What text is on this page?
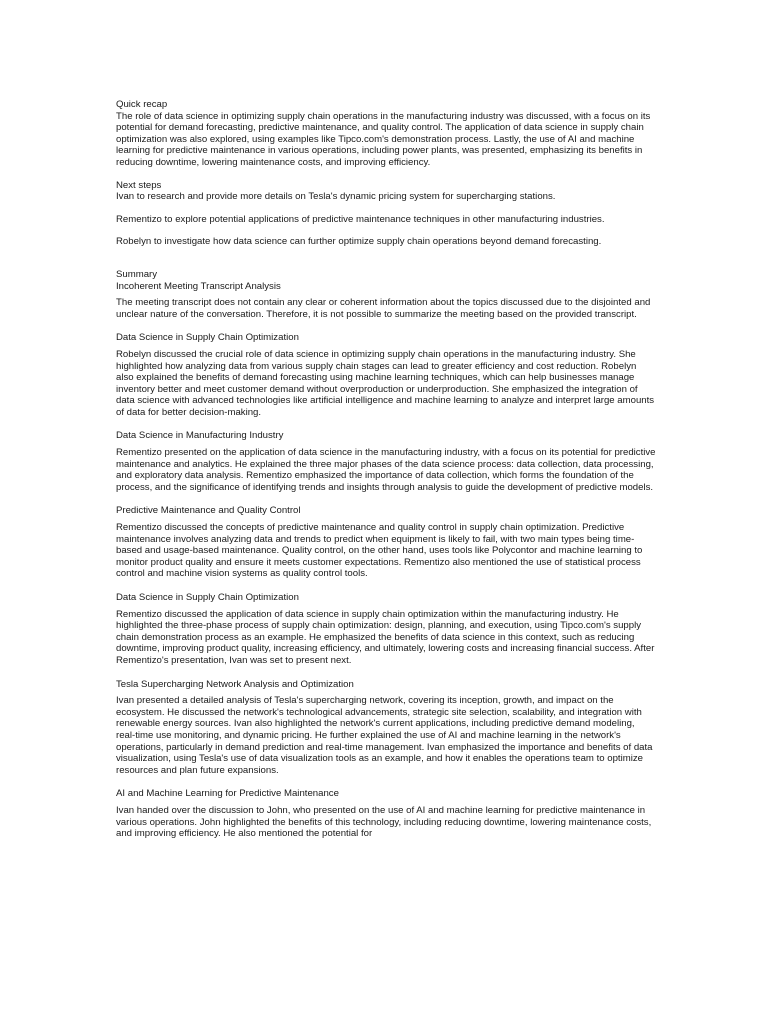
Quick recap

The role of data science in optimizing supply chain operations in the manufacturing industry was discussed, with a focus on its potential for demand forecasting, predictive maintenance, and quality control. The application of data science in supply chain optimization was also explored, using examples like Tipco.com's demonstration process. Lastly, the use of AI and machine learning for predictive maintenance in various operations, including power plants, was presented, emphasizing its benefits in reducing downtime, lowering maintenance costs, and improving efficiency.

Next steps

Ivan to research and provide more details on Tesla's dynamic pricing system for supercharging stations.

Rementizo to explore potential applications of predictive maintenance techniques in other manufacturing industries.

Robelyn to investigate how data science can further optimize supply chain operations beyond demand forecasting.

Summary
Incoherent Meeting Transcript Analysis

The meeting transcript does not contain any clear or coherent information about the topics discussed due to the disjointed and unclear nature of the conversation. Therefore, it is not possible to summarize the meeting based on the provided transcript.

Data Science in Supply Chain Optimization

Robelyn discussed the crucial role of data science in optimizing supply chain operations in the manufacturing industry. She highlighted how analyzing data from various supply chain stages can lead to greater efficiency and cost reduction. Robelyn also explained the benefits of demand forecasting using machine learning techniques, which can help businesses manage inventory better and meet customer demand without overproduction or underproduction. She emphasized the integration of data science with advanced technologies like artificial intelligence and machine learning to analyze and interpret large amounts of data for better decision-making.

Data Science in Manufacturing Industry

Rementizo presented on the application of data science in the manufacturing industry, with a focus on its potential for predictive maintenance and analytics. He explained the three major phases of the data science process: data collection, data processing, and exploratory data analysis. Rementizo emphasized the importance of data collection, which forms the foundation of the process, and the significance of identifying trends and insights through analysis to guide the development of predictive models.

Predictive Maintenance and Quality Control

Rementizo discussed the concepts of predictive maintenance and quality control in supply chain optimization. Predictive maintenance involves analyzing data and trends to predict when equipment is likely to fail, with two main types being time-based and usage-based maintenance. Quality control, on the other hand, uses tools like Polycontor and machine learning to monitor product quality and ensure it meets customer expectations. Rementizo also mentioned the use of statistical process control and machine vision systems as quality control tools.

Data Science in Supply Chain Optimization

Rementizo discussed the application of data science in supply chain optimization within the manufacturing industry. He highlighted the three-phase process of supply chain optimization: design, planning, and execution, using Tipco.com's supply chain demonstration process as an example. He emphasized the benefits of data science in this context, such as reducing downtime, improving product quality, increasing efficiency, and ultimately, lowering costs and increasing financial success. After Rementizo's presentation, Ivan was set to present next.

Tesla Supercharging Network Analysis and Optimization

Ivan presented a detailed analysis of Tesla's supercharging network, covering its inception, growth, and impact on the ecosystem. He discussed the network's technological advancements, strategic site selection, scalability, and integration with renewable energy sources. Ivan also highlighted the network's current applications, including predictive demand modeling, real-time use monitoring, and dynamic pricing. He further explained the use of AI and machine learning in the network's operations, particularly in demand prediction and real-time management. Ivan emphasized the importance and benefits of data visualization, using Tesla's use of data visualization tools as an example, and how it enables the operations team to optimize resources and plan future expansions.

AI and Machine Learning for Predictive Maintenance

Ivan handed over the discussion to John, who presented on the use of AI and machine learning for predictive maintenance in various operations. John highlighted the benefits of this technology, including reducing downtime, lowering maintenance costs, and improving efficiency. He also mentioned the potential for
